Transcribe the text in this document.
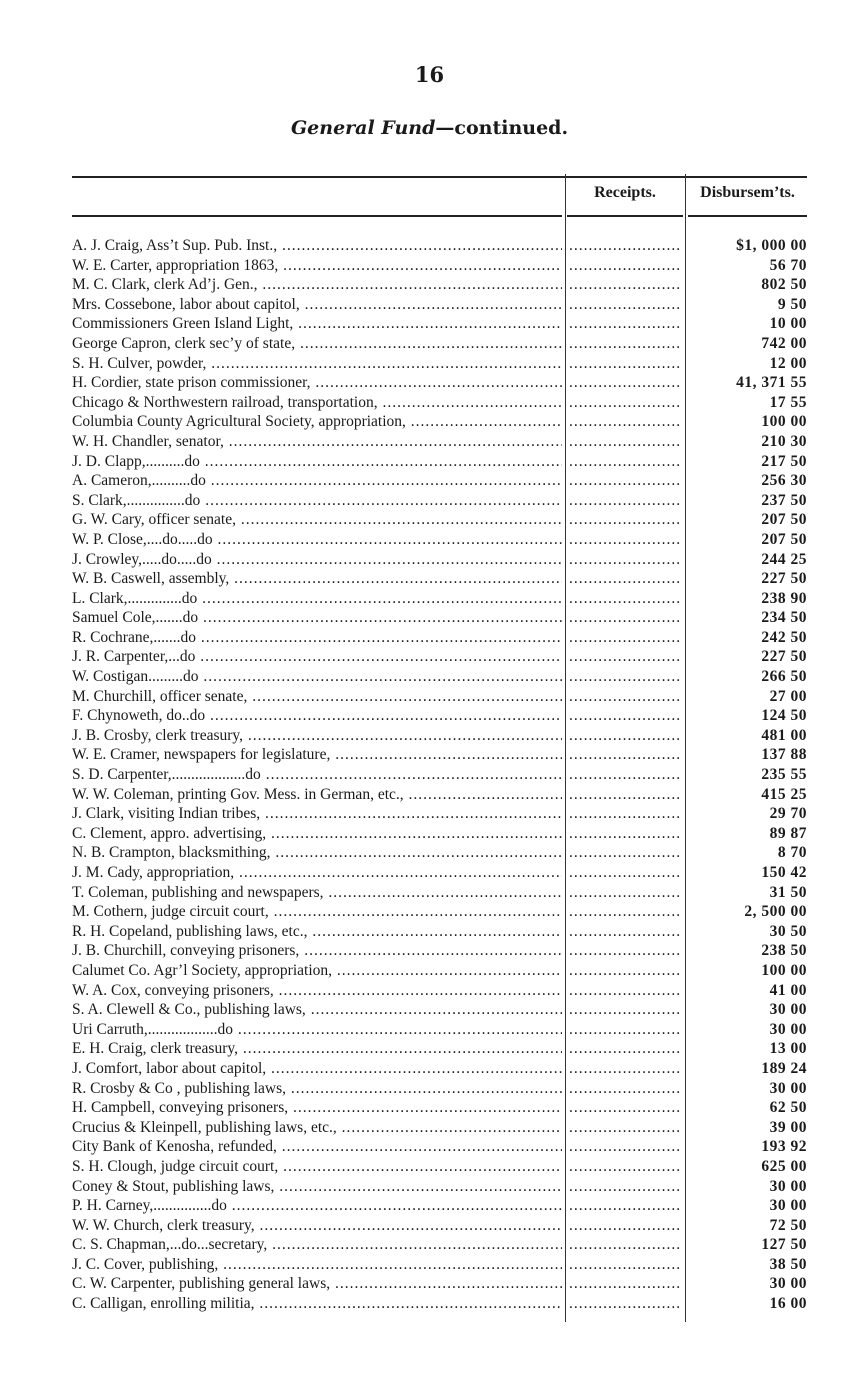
16
General Fund—continued.
Receipts.	Disbursem’ts.
A. J. Craig, Ass’t Sup. Pub. Inst., ..... .....	$1, 000 00
W. E. Carter, appropriation 1863, ..... .....	56 70
M. C. Clark, clerk Ad’j. Gen., ..... .....	802 50
Mrs. Cossebone, labor about capitol, ..... .....	9 50
Commissioners Green Island Light, ..... .....	10 00
George Capron, clerk sec’y of state, ..... .....	742 00
S. H. Culver, powder, ..... .....	12 00
H. Cordier, state prison commissioner, ..... .....	41, 371 55
Chicago & Northwestern railroad, transportation, ..... .....	17 55
Columbia County Agricultural Society, appropriation, ..... .....	100 00
W. H. Chandler, senator, ..... .....	210 30
J. D. Clapp,..........do ..... .....	217 50
A. Cameron,..........do ..... .....	256 30
S. Clark,...............do ..... .....	237 50
G. W. Cary, officer senate, ..... .....	207 50
W. P. Close,....do.....do ..... .....	207 50
J. Crowley,.....do.....do ..... .....	244 25
W. B. Caswell, assembly, ..... .....	227 50
L. Clark,..............do ..... .....	238 90
Samuel Cole,.......do ..... .....	234 50
R. Cochrane,.......do ..... .....	242 50
J. R. Carpenter,...do ..... .....	227 50
W. Costigan.........do ..... .....	266 50
M. Churchill, officer senate, ..... .....	27 00
F. Chynoweth, do..do ..... .....	124 50
J. B. Crosby, clerk treasury, ..... .....	481 00
W. E. Cramer, newspapers for legislature, ..... .....	137 88
S. D. Carpenter,...................do ..... .....	235 55
W. W. Coleman, printing Gov. Mess. in German, etc., ..... .....	415 25
J. Clark, visiting Indian tribes, ..... .....	29 70
C. Clement, appro. advertising, ..... .....	89 87
N. B. Crampton, blacksmithing, ..... .....	8 70
J. M. Cady, appropriation, ..... .....	150 42
T. Coleman, publishing and newspapers, ..... .....	31 50
M. Cothern, judge circuit court, ..... .....	2, 500 00
R. H. Copeland, publishing laws, etc., ..... .....	30 50
J. B. Churchill, conveying prisoners, ..... .....	238 50
Calumet Co. Agr’l Society, appropriation, ..... .....	100 00
W. A. Cox, conveying prisoners, ..... .....	41 00
S. A. Clewell & Co., publishing laws, ..... .....	30 00
Uri Carruth,..................do ..... .....	30 00
E. H. Craig, clerk treasury, ..... .....	13 00
J. Comfort, labor about capitol, ..... .....	189 24
R. Crosby & Co , publishing laws, ..... .....	30 00
H. Campbell, conveying prisoners, ..... .....	62 50
Crucius & Kleinpell, publishing laws, etc., ..... .....	39 00
City Bank of Kenosha, refunded, ..... .....	193 92
S. H. Clough, judge circuit court, ..... .....	625 00
Coney & Stout, publishing laws, ..... .....	30 00
P. H. Carney,...............do ..... .....	30 00
W. W. Church, clerk treasury, ..... .....	72 50
C. S. Chapman,...do...secretary, ..... .....	127 50
J. C. Cover, publishing, ..... .....	38 50
C. W. Carpenter, publishing general laws, ..... .....	30 00
C. Calligan, enrolling militia, ..... .....	16 00
